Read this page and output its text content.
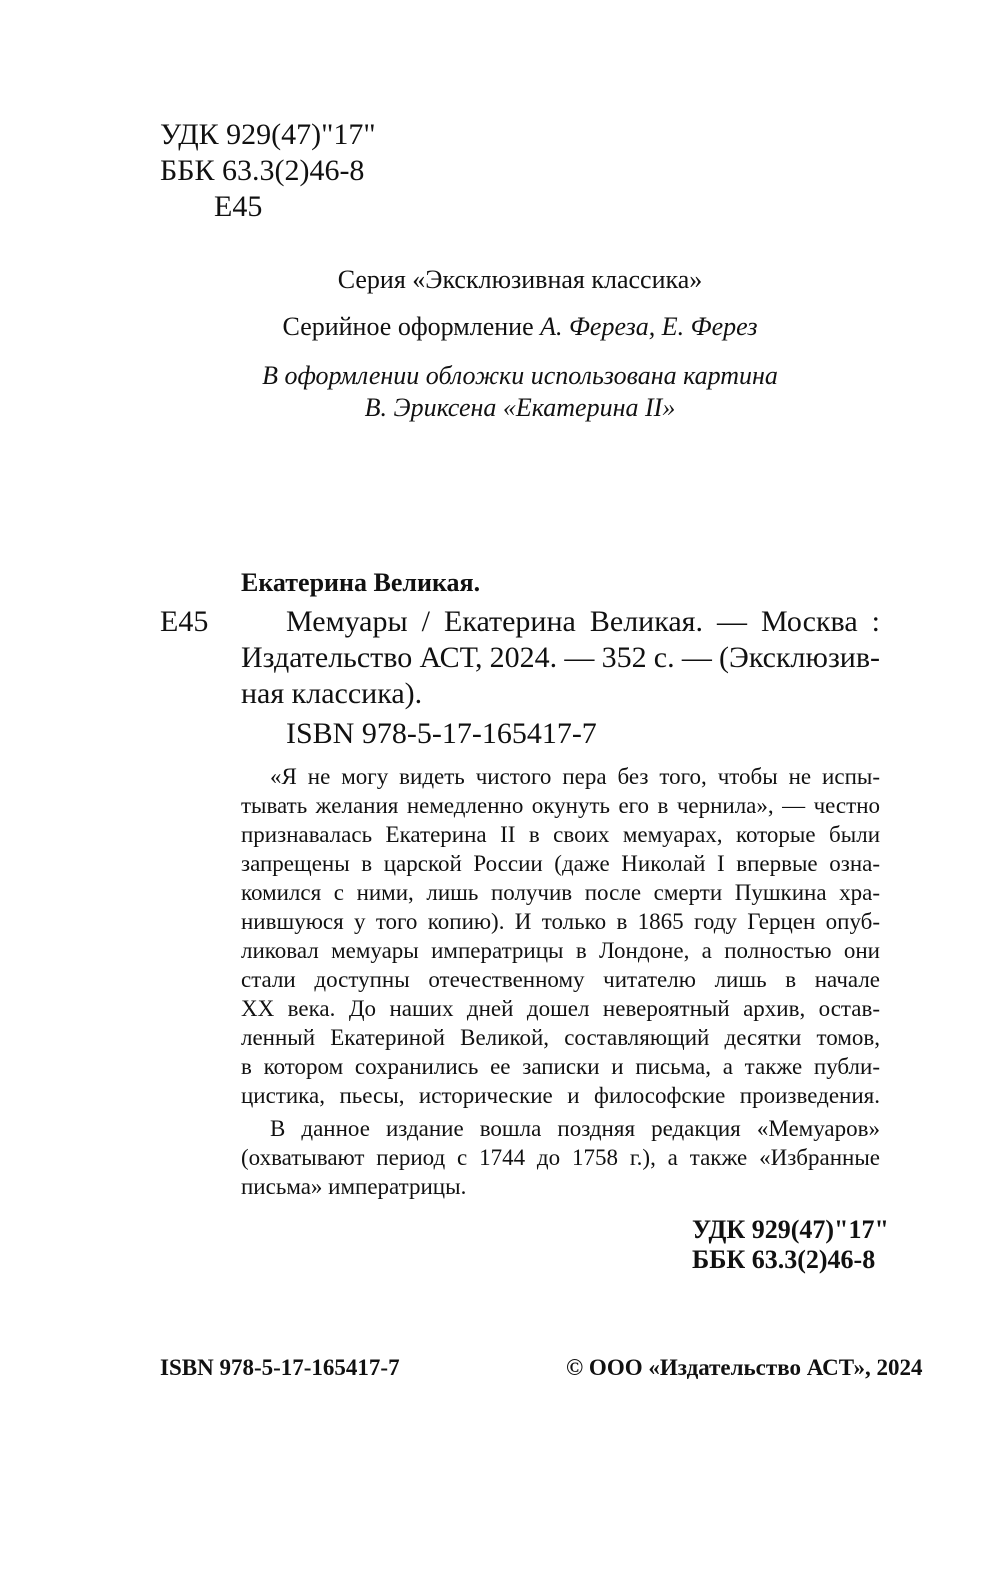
УДК 929(47)"17"
ББК 63.3(2)46-8
Е45
Серия «Эксклюзивная классика»
Серийное оформление А. Фереза, Е. Ферез
В оформлении обложки использована картина
В. Эриксена «Екатерина II»
Екатерина Великая.
Е45	Мемуары / Екатерина Великая. — Москва :
Издательство АСТ, 2024. — 352 с. — (Эксклюзив-
ная классика).
ISBN 978-5-17-165417-7
«Я не могу видеть чистого пера без того, чтобы не испы-
тывать желания немедленно окунуть его в чернила», — честно
признавалась Екатерина II в своих мемуарах, которые были
запрещены в царской России (даже Николай I впервые озна-
комился с ними, лишь получив после смерти Пушкина хра-
нившуюся у того копию). И только в 1865 году Герцен опуб-
ликовал мемуары императрицы в Лондоне, а полностью они
стали доступны отечественному читателю лишь в начале
XX века. До наших дней дошел невероятный архив, остав-
ленный Екатериной Великой, составляющий десятки томов,
в котором сохранились ее записки и письма, а также публи-
цистика, пьесы, исторические и философские произведения.
В данное издание вошла поздняя редакция «Мемуаров»
(охватывают период с 1744 до 1758 г.), а также «Избранные
письма» императрицы.
УДК 929(47)"17"
ББК 63.3(2)46-8
ISBN 978-5-17-165417-7	© ООО «Издательство АСТ», 2024
